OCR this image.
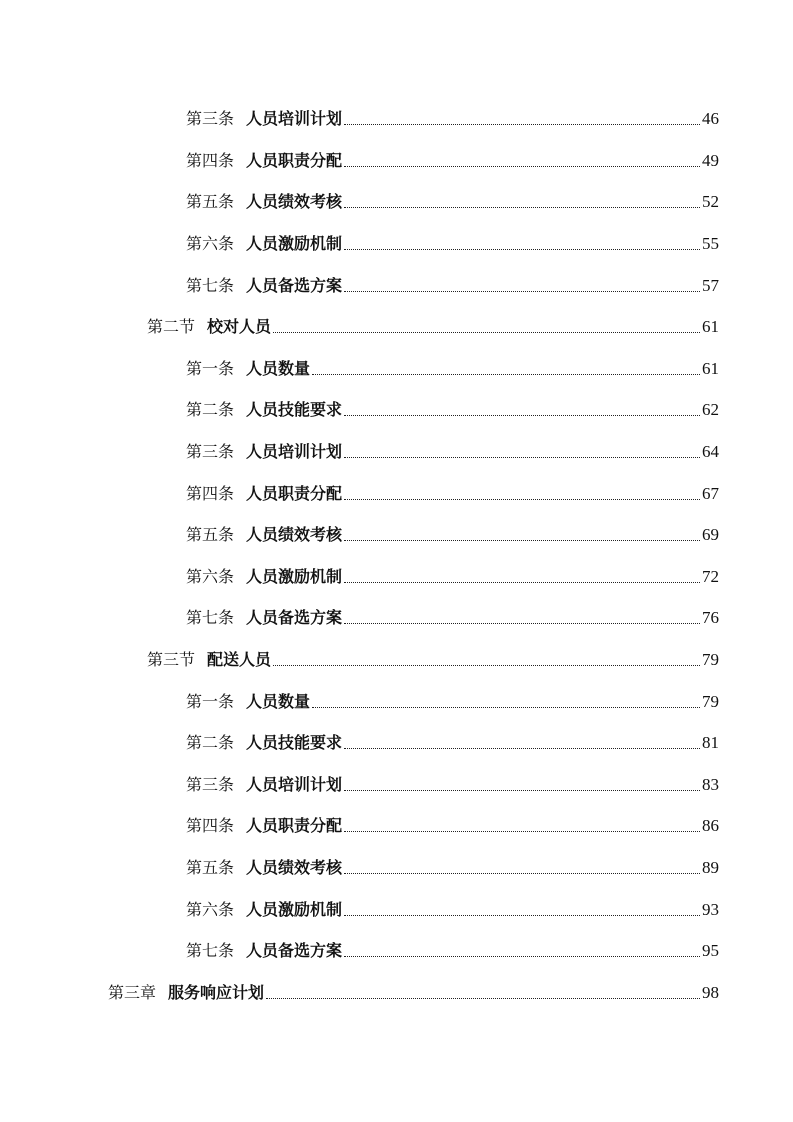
第三条 人员培训计划	46
第四条 人员职责分配	49
第五条 人员绩效考核	52
第六条 人员激励机制	55
第七条 人员备选方案	57
第二节 校对人员	61
第一条 人员数量	61
第二条 人员技能要求	62
第三条 人员培训计划	64
第四条 人员职责分配	67
第五条 人员绩效考核	69
第六条 人员激励机制	72
第七条 人员备选方案	76
第三节 配送人员	79
第一条 人员数量	79
第二条 人员技能要求	81
第三条 人员培训计划	83
第四条 人员职责分配	86
第五条 人员绩效考核	89
第六条 人员激励机制	93
第七条 人员备选方案	95
第三章 服务响应计划	98
